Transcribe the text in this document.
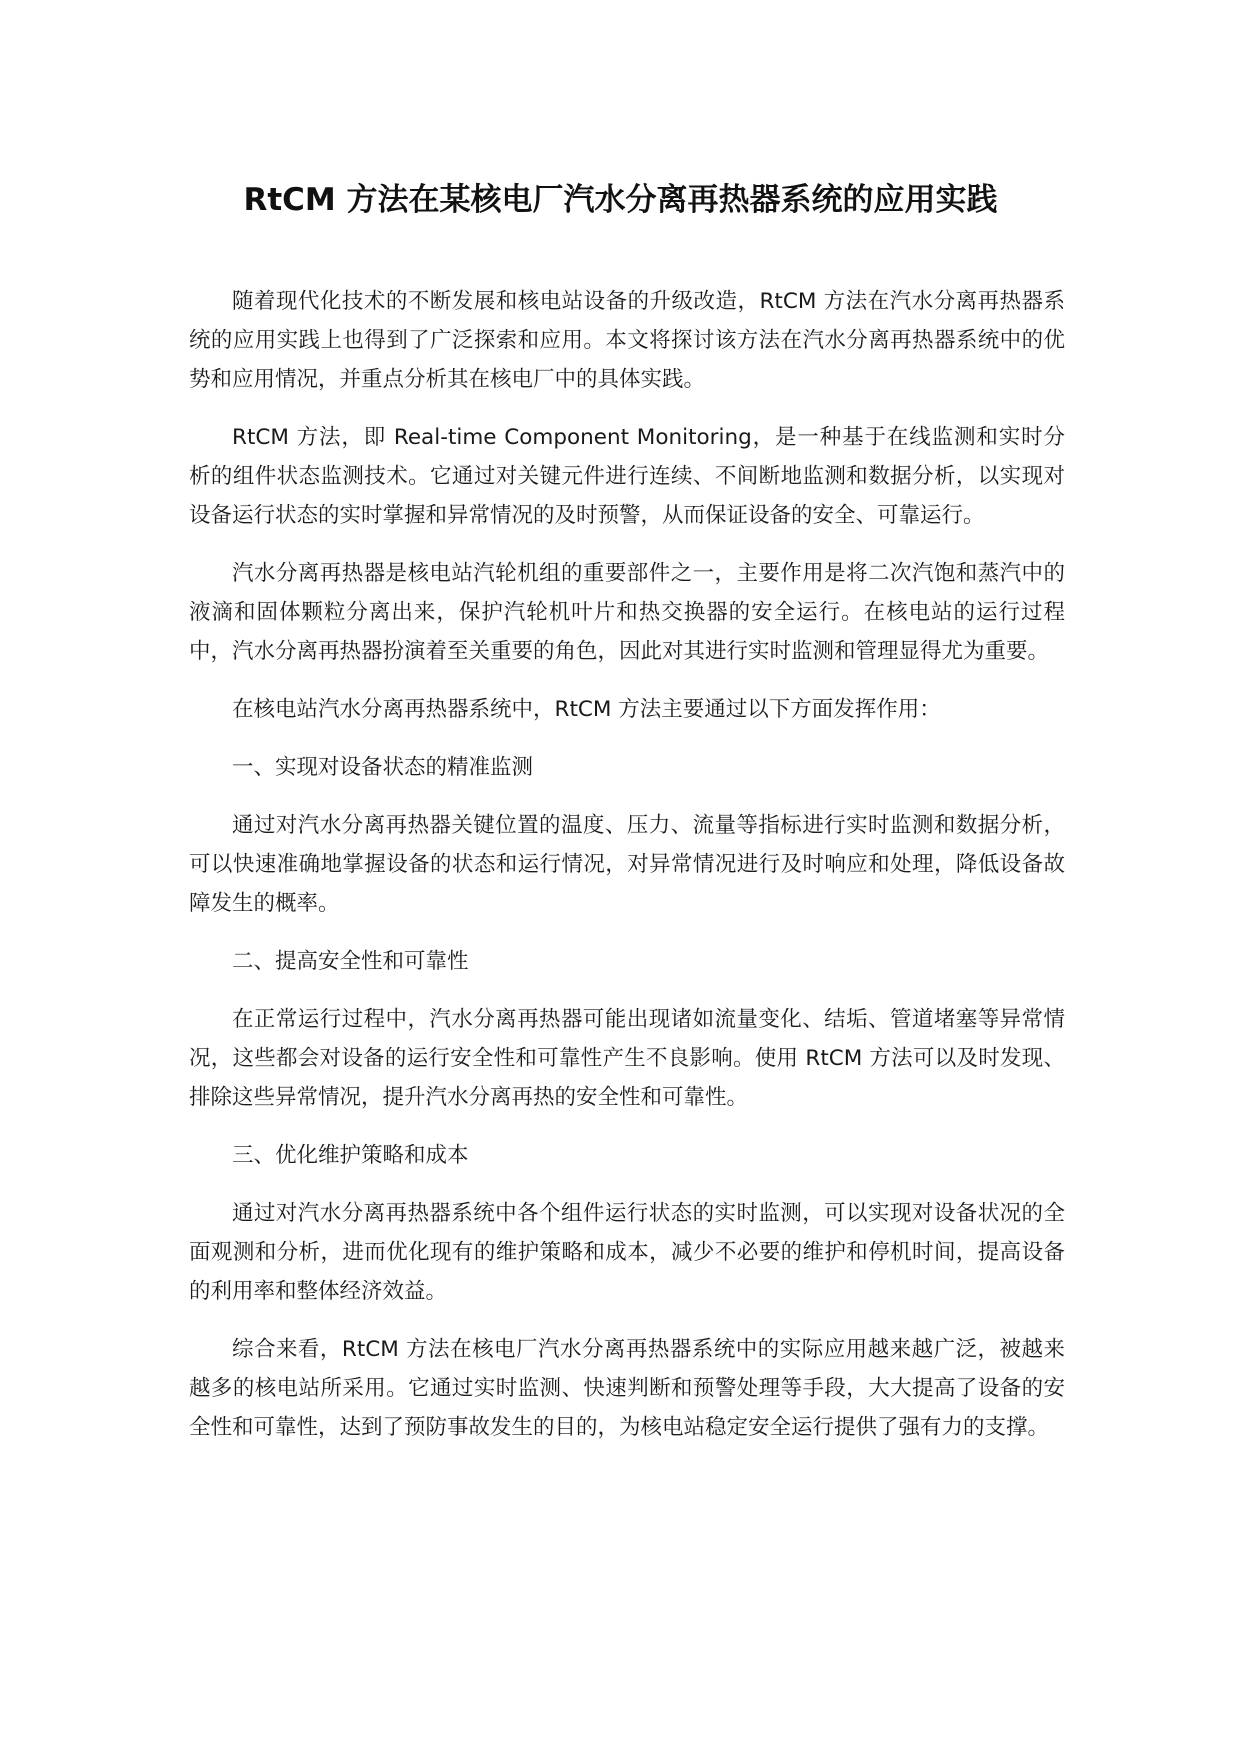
RtCM 方法在某核电厂汽水分离再热器系统的应用实践

随着现代化技术的不断发展和核电站设备的升级改造，RtCM 方法在汽水分离再热器系统的应用实践上也得到了广泛探索和应用。本文将探讨该方法在汽水分离再热器系统中的优势和应用情况，并重点分析其在核电厂中的具体实践。

RtCM 方法，即 Real-time Component Monitoring，是一种基于在线监测和实时分析的组件状态监测技术。它通过对关键元件进行连续、不间断地监测和数据分析，以实现对设备运行状态的实时掌握和异常情况的及时预警，从而保证设备的安全、可靠运行。

汽水分离再热器是核电站汽轮机组的重要部件之一，主要作用是将二次汽饱和蒸汽中的液滴和固体颗粒分离出来，保护汽轮机叶片和热交换器的安全运行。在核电站的运行过程中，汽水分离再热器扮演着至关重要的角色，因此对其进行实时监测和管理显得尤为重要。

在核电站汽水分离再热器系统中，RtCM 方法主要通过以下方面发挥作用：

一、实现对设备状态的精准监测

通过对汽水分离再热器关键位置的温度、压力、流量等指标进行实时监测和数据分析，可以快速准确地掌握设备的状态和运行情况，对异常情况进行及时响应和处理，降低设备故障发生的概率。

二、提高安全性和可靠性

在正常运行过程中，汽水分离再热器可能出现诸如流量变化、结垢、管道堵塞等异常情况，这些都会对设备的运行安全性和可靠性产生不良影响。使用 RtCM 方法可以及时发现、排除这些异常情况，提升汽水分离再热的安全性和可靠性。

三、优化维护策略和成本

通过对汽水分离再热器系统中各个组件运行状态的实时监测，可以实现对设备状况的全面观测和分析，进而优化现有的维护策略和成本，减少不必要的维护和停机时间，提高设备的利用率和整体经济效益。

综合来看，RtCM 方法在核电厂汽水分离再热器系统中的实际应用越来越广泛，被越来越多的核电站所采用。它通过实时监测、快速判断和预警处理等手段，大大提高了设备的安全性和可靠性，达到了预防事故发生的目的，为核电站稳定安全运行提供了强有力的支撑。
